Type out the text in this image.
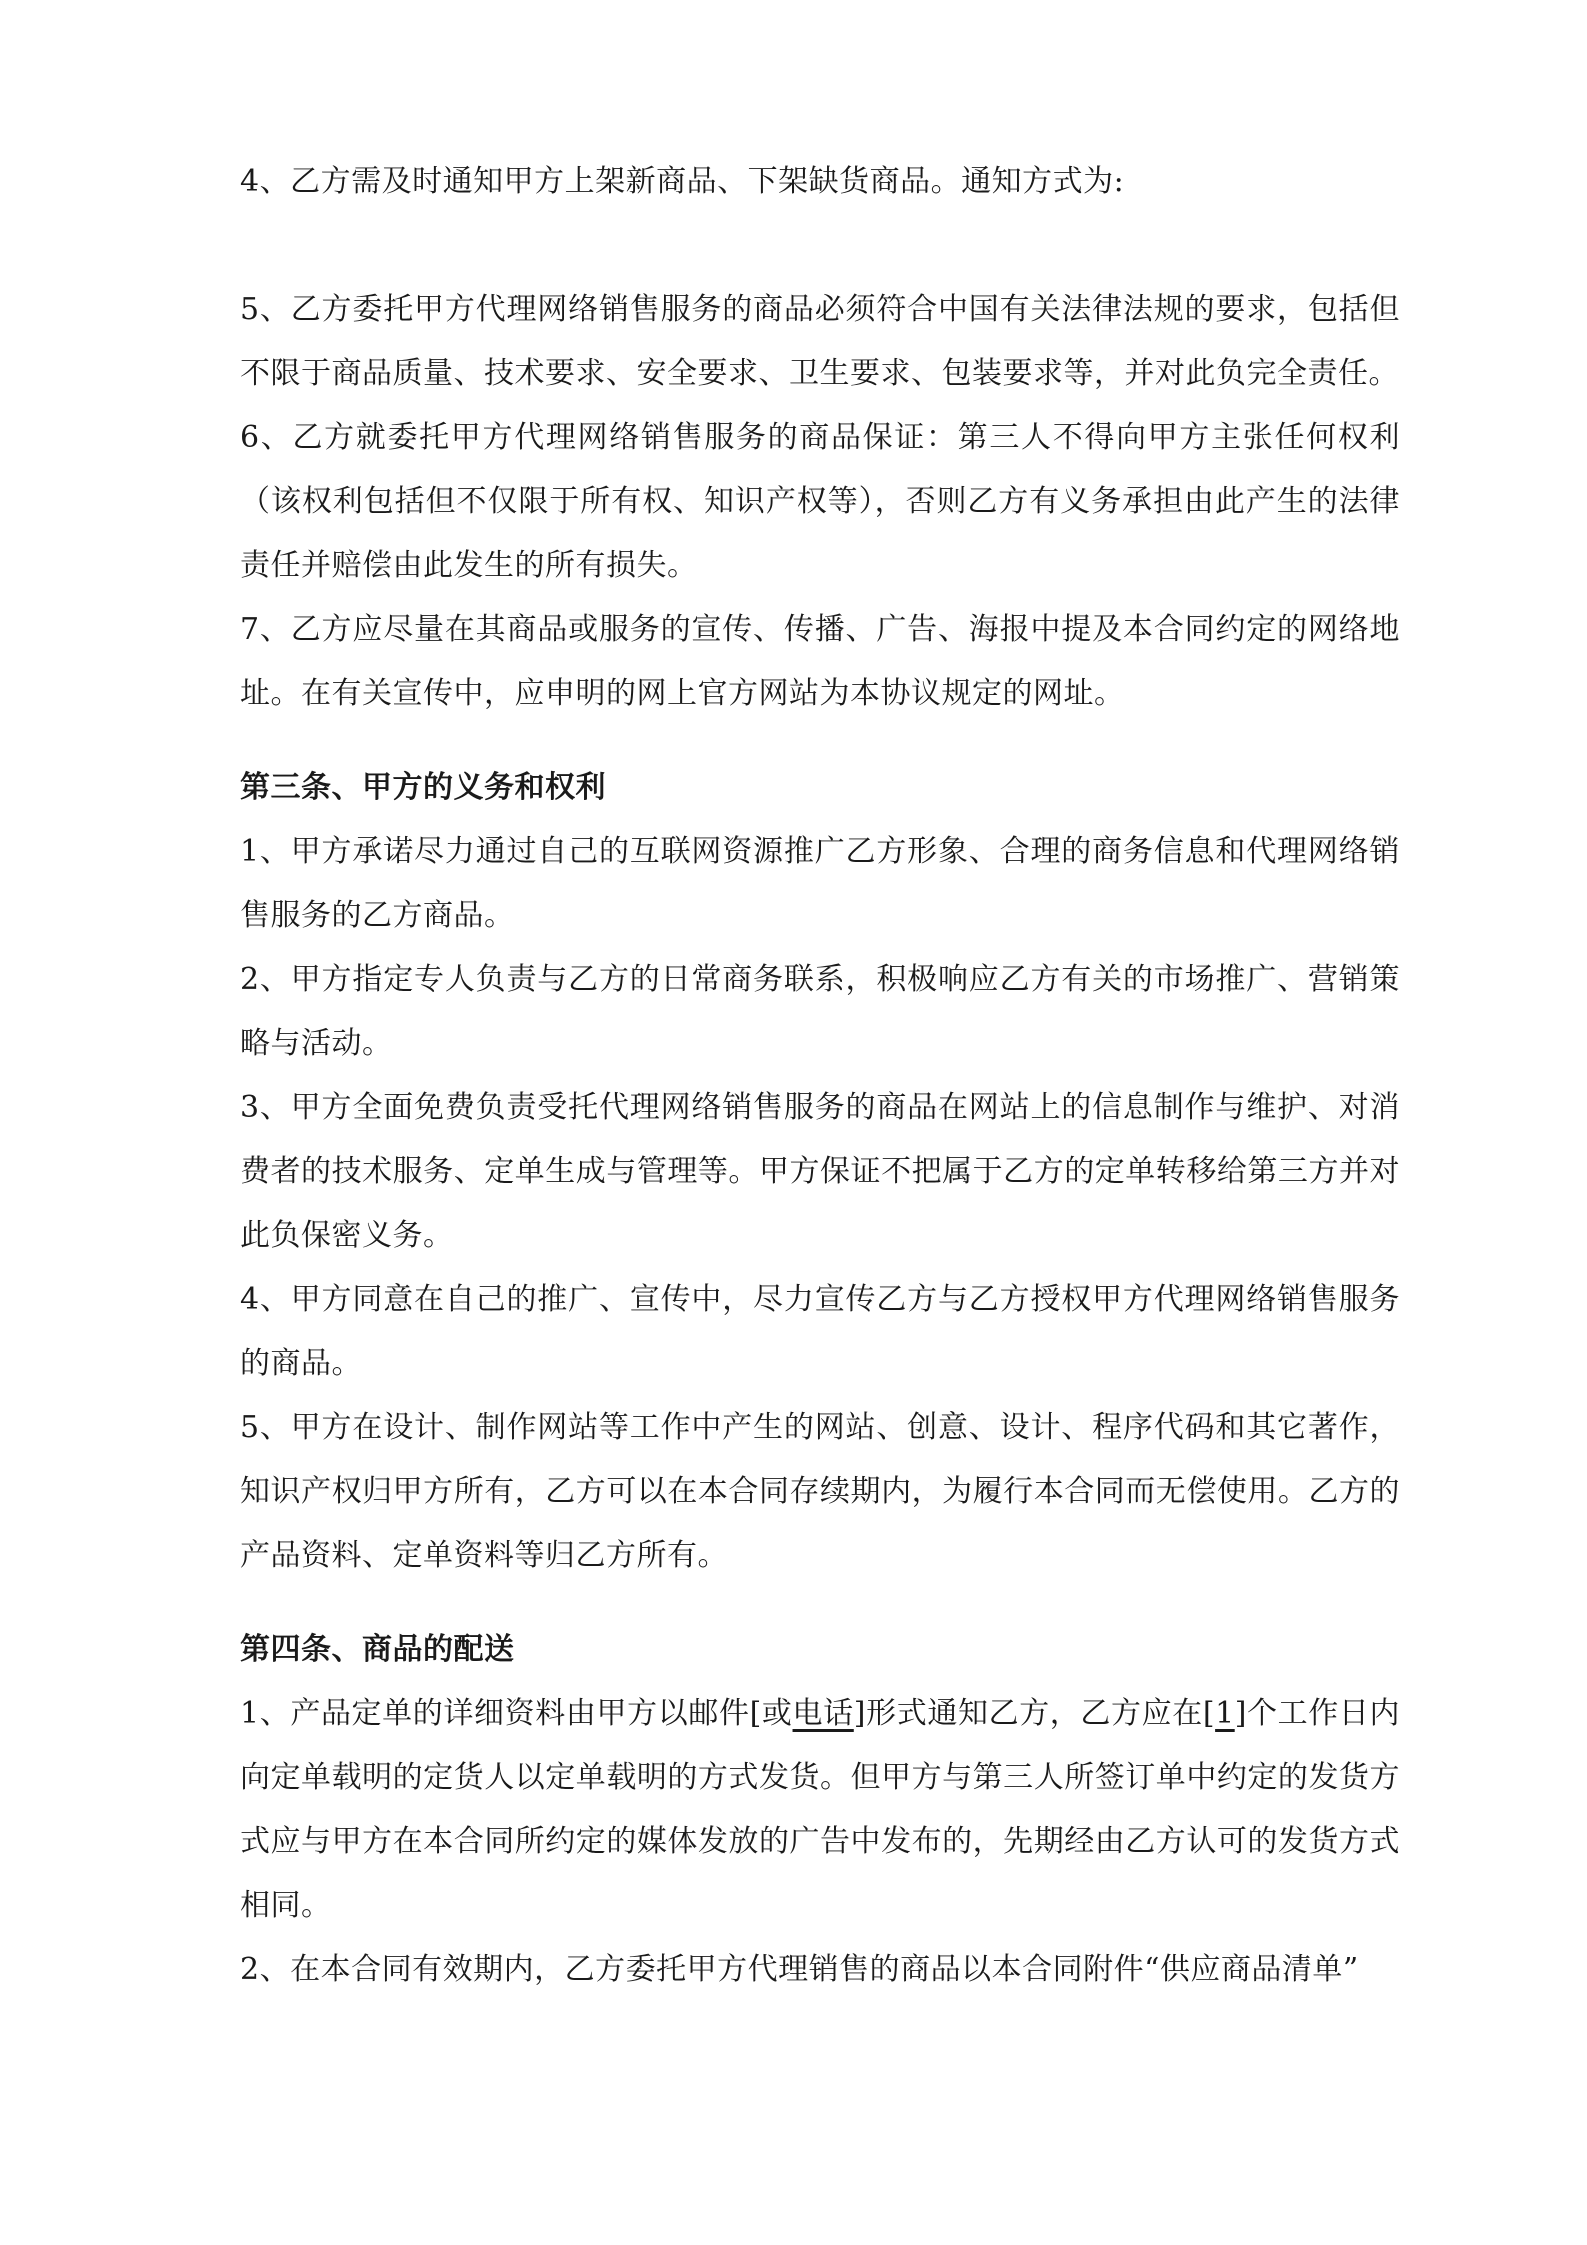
4、乙方需及时通知甲方上架新商品、下架缺货商品。通知方式为:

5、乙方委托甲方代理网络销售服务的商品必须符合中国有关法律法规的要求，包括但不限于商品质量、技术要求、安全要求、卫生要求、包装要求等，并对此负完全责任。

6、乙方就委托甲方代理网络销售服务的商品保证：第三人不得向甲方主张任何权利（该权利包括但不仅限于所有权、知识产权等），否则乙方有义务承担由此产生的法律责任并赔偿由此发生的所有损失。

7、乙方应尽量在其商品或服务的宣传、传播、广告、海报中提及本合同约定的网络地址。在有关宣传中，应申明的网上官方网站为本协议规定的网址。

第三条、甲方的义务和权利

1、甲方承诺尽力通过自己的互联网资源推广乙方形象、合理的商务信息和代理网络销售服务的乙方商品。

2、甲方指定专人负责与乙方的日常商务联系，积极响应乙方有关的市场推广、营销策略与活动。

3、甲方全面免费负责受托代理网络销售服务的商品在网站上的信息制作与维护、对消费者的技术服务、定单生成与管理等。甲方保证不把属于乙方的定单转移给第三方并对此负保密义务。

4、甲方同意在自己的推广、宣传中，尽力宣传乙方与乙方授权甲方代理网络销售服务的商品。

5、甲方在设计、制作网站等工作中产生的网站、创意、设计、程序代码和其它著作，知识产权归甲方所有，乙方可以在本合同存续期内，为履行本合同而无偿使用。乙方的产品资料、定单资料等归乙方所有。

第四条、商品的配送

1、产品定单的详细资料由甲方以邮件[或电话]形式通知乙方，乙方应在[1]个工作日内向定单载明的定货人以定单载明的方式发货。但甲方与第三人所签订单中约定的发货方式应与甲方在本合同所约定的媒体发放的广告中发布的，先期经由乙方认可的发货方式相同。

2、在本合同有效期内，乙方委托甲方代理销售的商品以本合同附件“供应商品清单”
